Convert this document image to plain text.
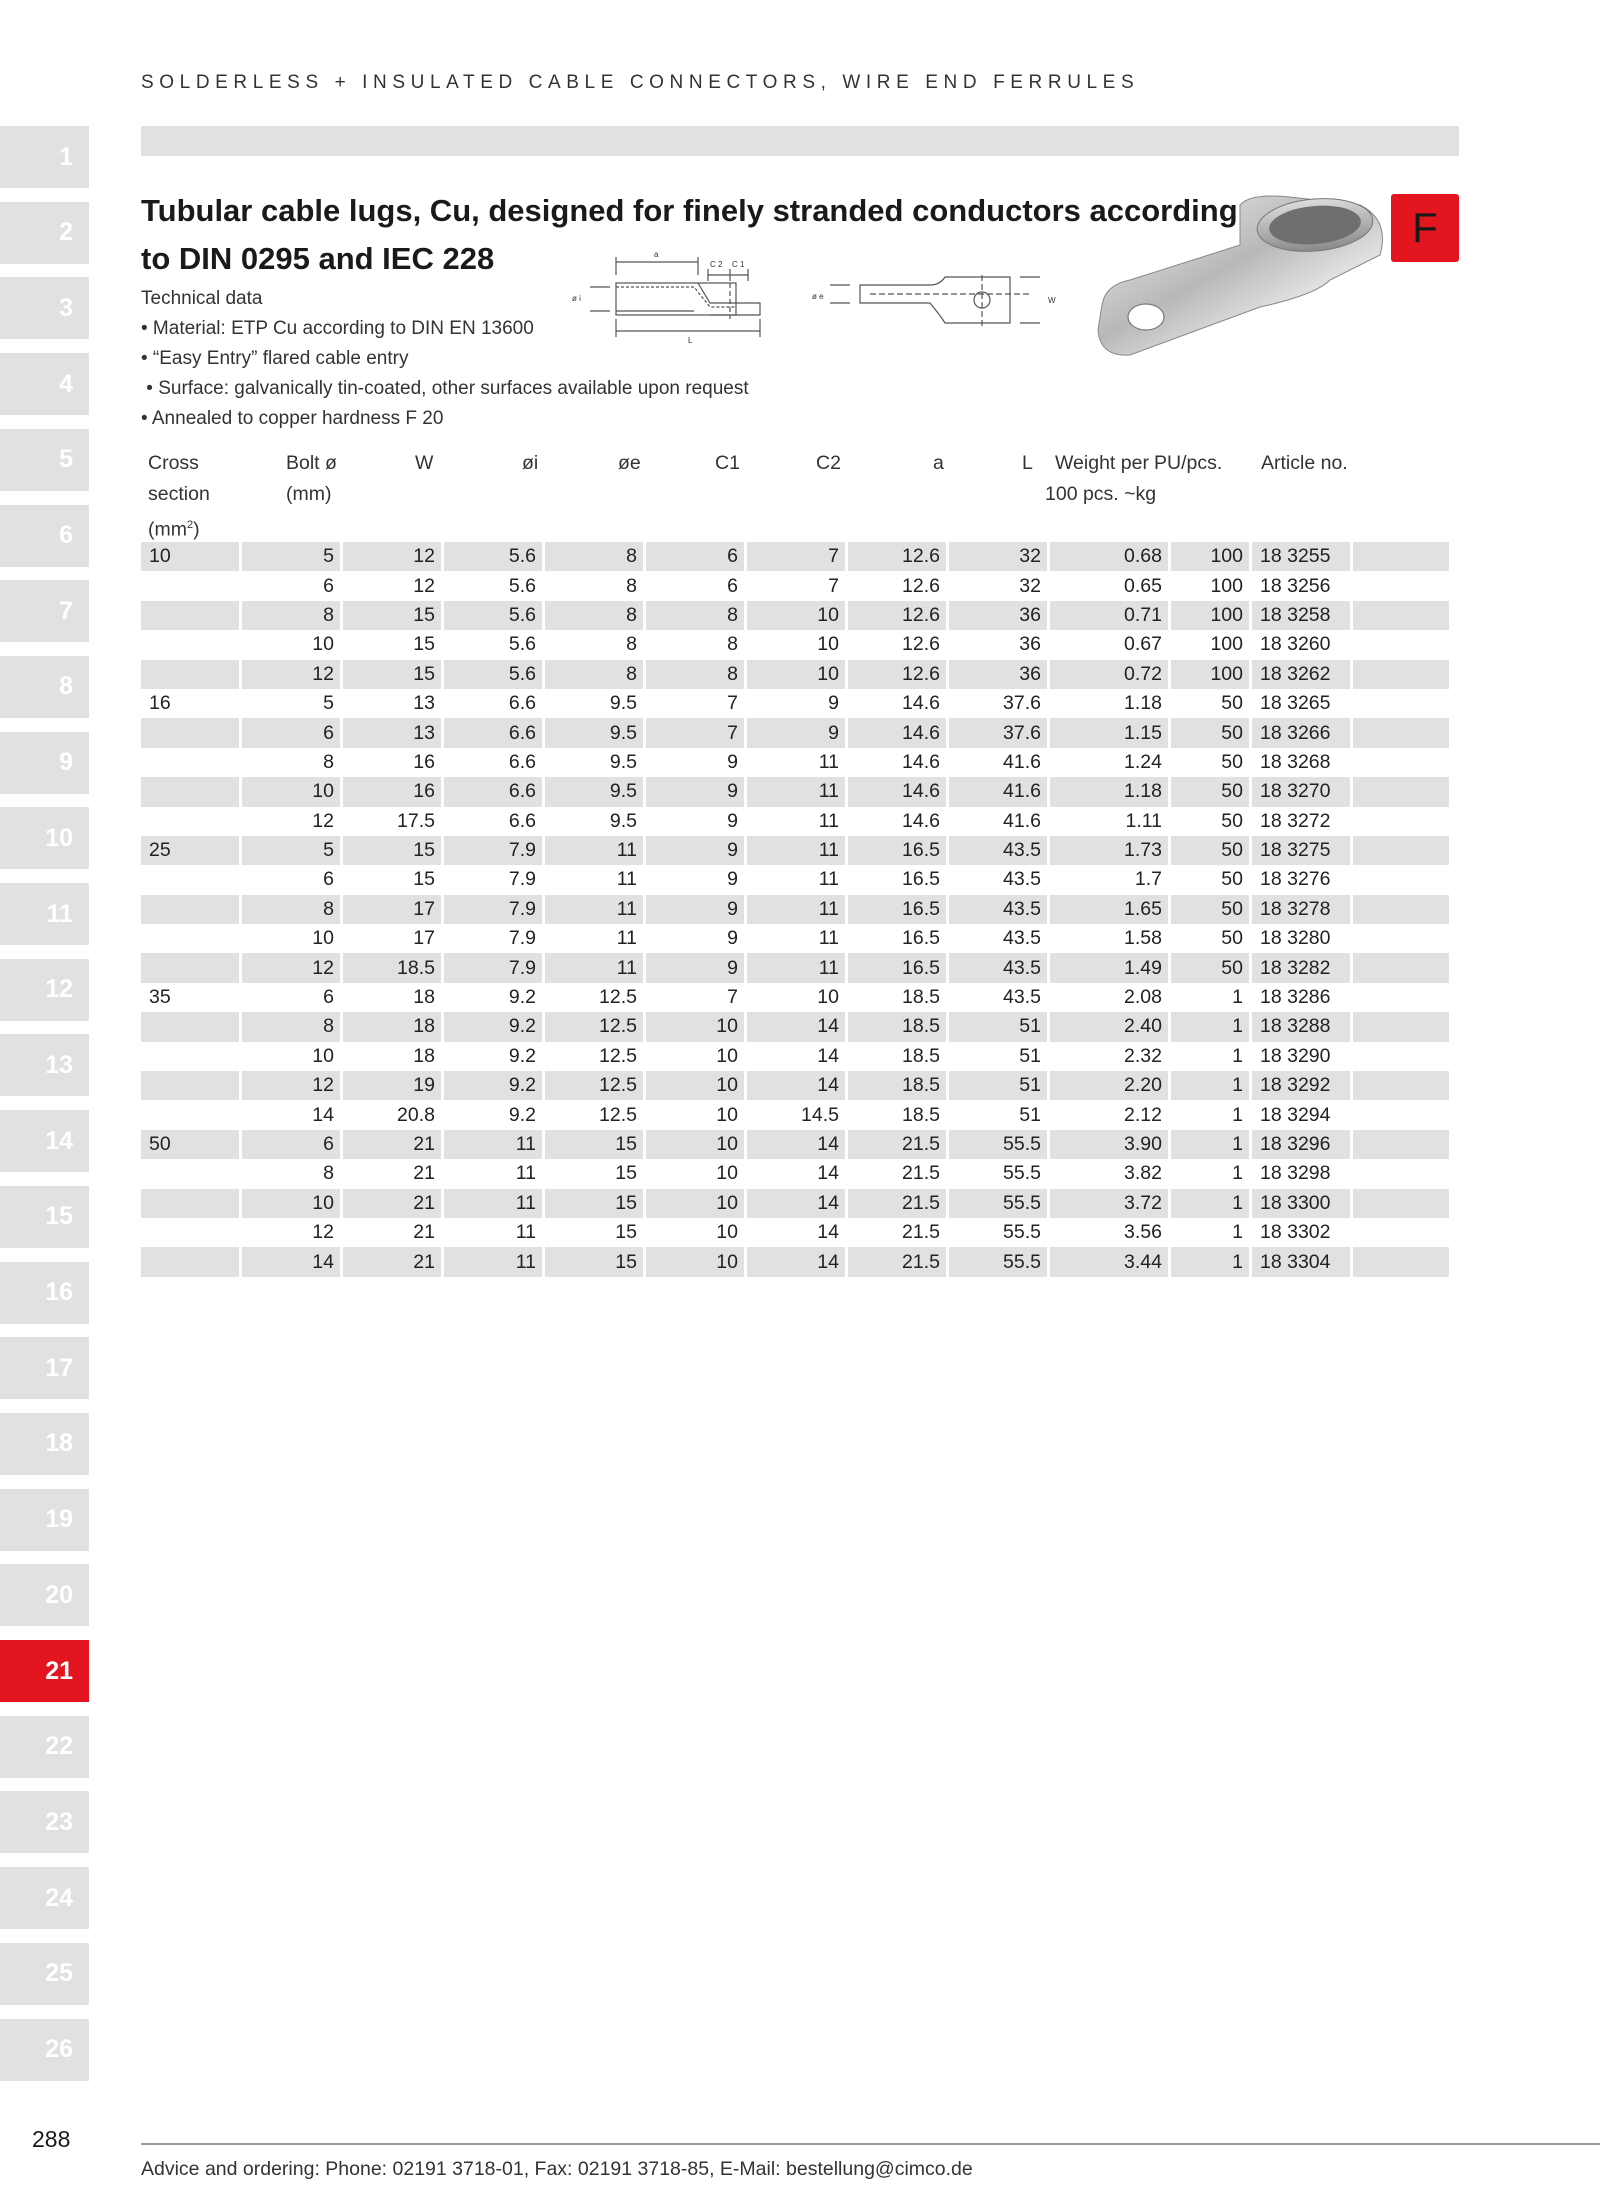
SOLDERLESS + INSULATED CABLE CONNECTORS, WIRE END FERRULES
1
2
3
4
5
6
7
8
9
10
11
12
13
14
15
16
17
18
19
20
21
22
23
24
25
26
Tubular cable lugs, Cu, designed for finely stranded conductors according
to DIN 0295 and IEC 228
F
Technical data
• Material: ETP Cu according to DIN EN 13600
• “Easy Entry” flared cable entry
• Surface: galvanically tin-coated, other surfaces available upon request
• Annealed to copper hardness F 20
a
C 2 C 1
ø i
L
ø e	W
Cross
section
$(mm^2)$
Bolt ø
(mm)
W	øi	øe	C1	C2	a	L	Weight per
100 pcs. ~kg
PU/pcs. Article no.
10	5	12	5.6	8	6	7	12.6	32	0.68	100	18 3255	
	6	12	5.6	8	6	7	12.6	32	0.65	100	18 3256	
	8	15	5.6	8	8	10	12.6	36	0.71	100	18 3258	
	10	15	5.6	8	8	10	12.6	36	0.67	100	18 3260	
	12	15	5.6	8	8	10	12.6	36	0.72	100	18 3262	
16	5	13	6.6	9.5	7	9	14.6	37.6	1.18	50	18 3265	
	6	13	6.6	9.5	7	9	14.6	37.6	1.15	50	18 3266	
	8	16	6.6	9.5	9	11	14.6	41.6	1.24	50	18 3268	
	10	16	6.6	9.5	9	11	14.6	41.6	1.18	50	18 3270	
	12	17.5	6.6	9.5	9	11	14.6	41.6	1.11	50	18 3272	
25	5	15	7.9	11	9	11	16.5	43.5	1.73	50	18 3275	
	6	15	7.9	11	9	11	16.5	43.5	1.7	50	18 3276	
	8	17	7.9	11	9	11	16.5	43.5	1.65	50	18 3278	
	10	17	7.9	11	9	11	16.5	43.5	1.58	50	18 3280	
	12	18.5	7.9	11	9	11	16.5	43.5	1.49	50	18 3282	
35	6	18	9.2	12.5	7	10	18.5	43.5	2.08	1	18 3286	
	8	18	9.2	12.5	10	14	18.5	51	2.40	1	18 3288	
	10	18	9.2	12.5	10	14	18.5	51	2.32	1	18 3290	
	12	19	9.2	12.5	10	14	18.5	51	2.20	1	18 3292	
	14	20.8	9.2	12.5	10	14.5	18.5	51	2.12	1	18 3294	
50	6	21	11	15	10	14	21.5	55.5	3.90	1	18 3296	
	8	21	11	15	10	14	21.5	55.5	3.82	1	18 3298	
	10	21	11	15	10	14	21.5	55.5	3.72	1	18 3300	
	12	21	11	15	10	14	21.5	55.5	3.56	1	18 3302	
	14	21	11	15	10	14	21.5	55.5	3.44	1	18 3304	
288
Advice and ordering: Phone: 02191 3718-01, Fax: 02191 3718-85, E-Mail: bestellung@cimco.de
